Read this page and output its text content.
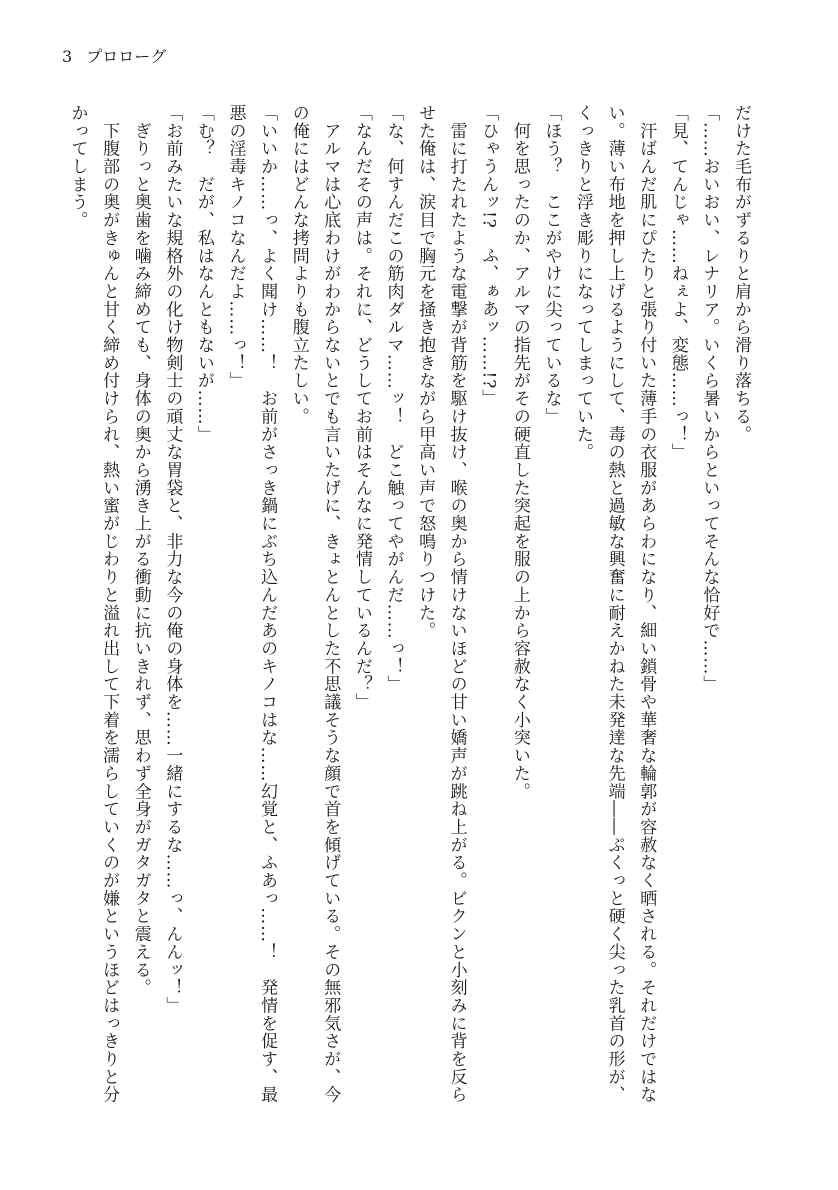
3 プロローグ

だけた毛布がずるりと肩から滑り落ちる。

「……おいおい、レナリア。いくら暑いからといってそんな恰好で……」

「見、てんじゃ……ねぇよ、変態……っ！」

　汗ばんだ肌にぴたりと張り付いた薄手の衣服があらわになり、細い鎖骨や華奢な輪郭が容赦なく晒される。それだけではな

い。薄い布地を押し上げるようにして、毒の熱と過敏な興奮に耐えかねた未発達な先端――ぷくっと硬く尖った乳首の形が、

くっきりと浮き彫りになってしまっていた。

「ほう？　ここがやけに尖っているな」

　何を思ったのか、アルマの指先がその硬直した突起を服の上から容赦なく小突いた。

「ひゃうんッ!?　ふ、ぁあッ……!?」

　雷に打たれたような電撃が背筋を駆け抜け、喉の奥から情けないほどの甘い嬌声が跳ね上がる。ビクンと小刻みに背を反ら

せた俺は、涙目で胸元を掻き抱きながら甲高い声で怒鳴りつけた。

「な、何すんだこの筋肉ダルマ……ッ！　どこ触ってやがんだ……っ！」

「なんだその声は。それに、どうしてお前はそんなに発情しているんだ？」

　アルマは心底わけがわからないとでも言いたげに、きょとんとした不思議そうな顔で首を傾げている。その無邪気さが、今

の俺にはどんな拷問よりも腹立たしい。

「いいか……っ、よく聞け……！　お前がさっき鍋にぶち込んだあのキノコはな……幻覚と、ふあっ……！　発情を促す、最

悪の淫毒キノコなんだよ……っ！」

「む？　だが、私はなんともないが……」

「お前みたいな規格外の化け物剣士の頑丈な胃袋と、非力な今の俺の身体を……一緒にするな……っ、んんッ！」

　ぎりっと奥歯を噛み締めても、身体の奥から湧き上がる衝動に抗いきれず、思わず全身がガタガタと震える。

　下腹部の奥がきゅんと甘く締め付けられ、熱い蜜がじわりと溢れ出して下着を濡らしていくのが嫌というほどはっきりと分

かってしまう。
